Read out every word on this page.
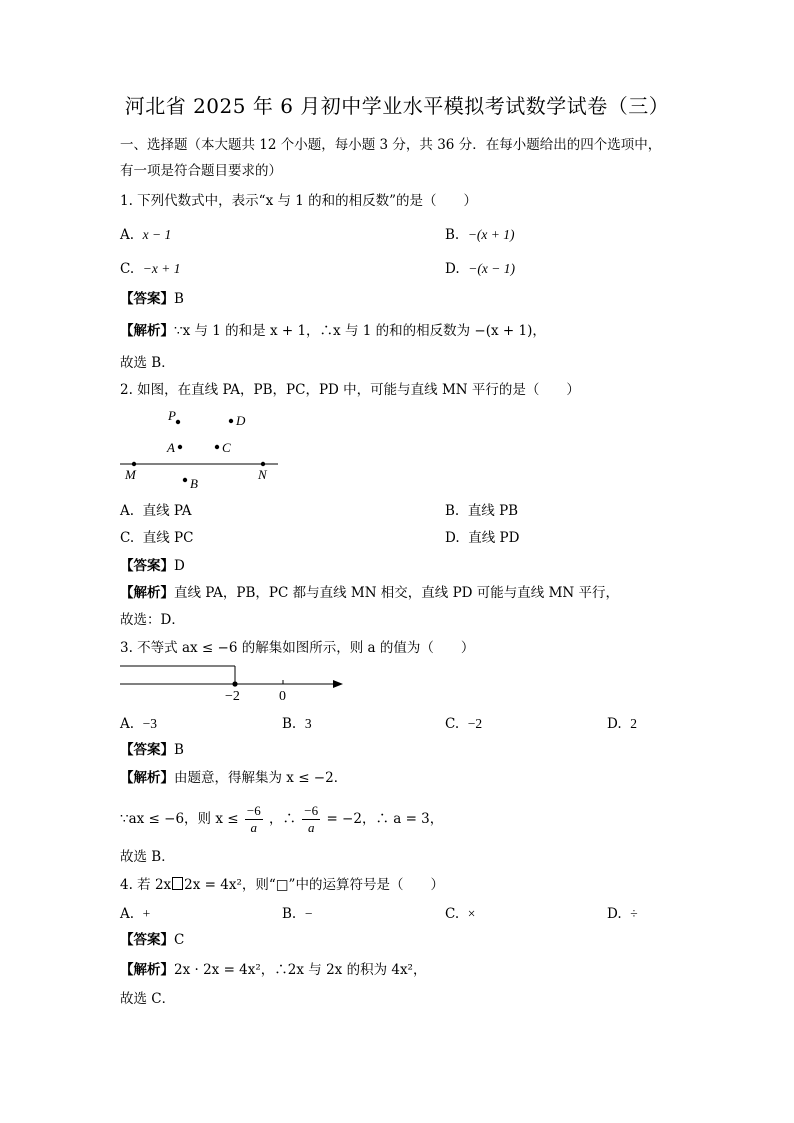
河北省 2025 年 6 月初中学业水平模拟考试数学试卷（三）
一、选择题（本大题共 12 个小题，每小题 3 分，共 36 分．在每小题给出的四个选项中，
有一项是符合题目要求的）
1. 下列代数式中，表示“x 与 1 的和的相反数”的是（　　）
A. x − 1	B. −(x + 1)
C. −x + 1	D. −(x − 1)
【答案】B
【解析】∵x 与 1 的和是 x + 1，∴x 与 1 的和的相反数为 −(x + 1)，
故选 B．
2. 如图，在直线 PA，PB，PC，PD 中，可能与直线 MN 平行的是（　　）
P	D
A	C
M	N
B
A. 直线 PA	B. 直线 PB
C. 直线 PC	D. 直线 PD
【答案】D
【解析】直线 PA，PB，PC 都与直线 MN 相交，直线 PD 可能与直线 MN 平行，
故选：D．
3. 不等式 ax ≤ −6 的解集如图所示，则 a 的值为（　　）
−2	0
A. −3	B. 3	C. −2	D. 2
【答案】B
【解析】由题意，得解集为 x ≤ −2．
∵ax ≤ −6，则 $x \le \frac{-6}{a}$ ，∴ $\frac{-6}{a} = -2$，∴ a = 3，
故选 B．
4. 若 2x 2x = 4x²，则“□”中的运算符号是（　　）
A. +	B. −	C. ×	D. ÷
【答案】C
【解析】2x · 2x = 4x²，∴2x 与 2x 的积为 4x²，
故选 C．
